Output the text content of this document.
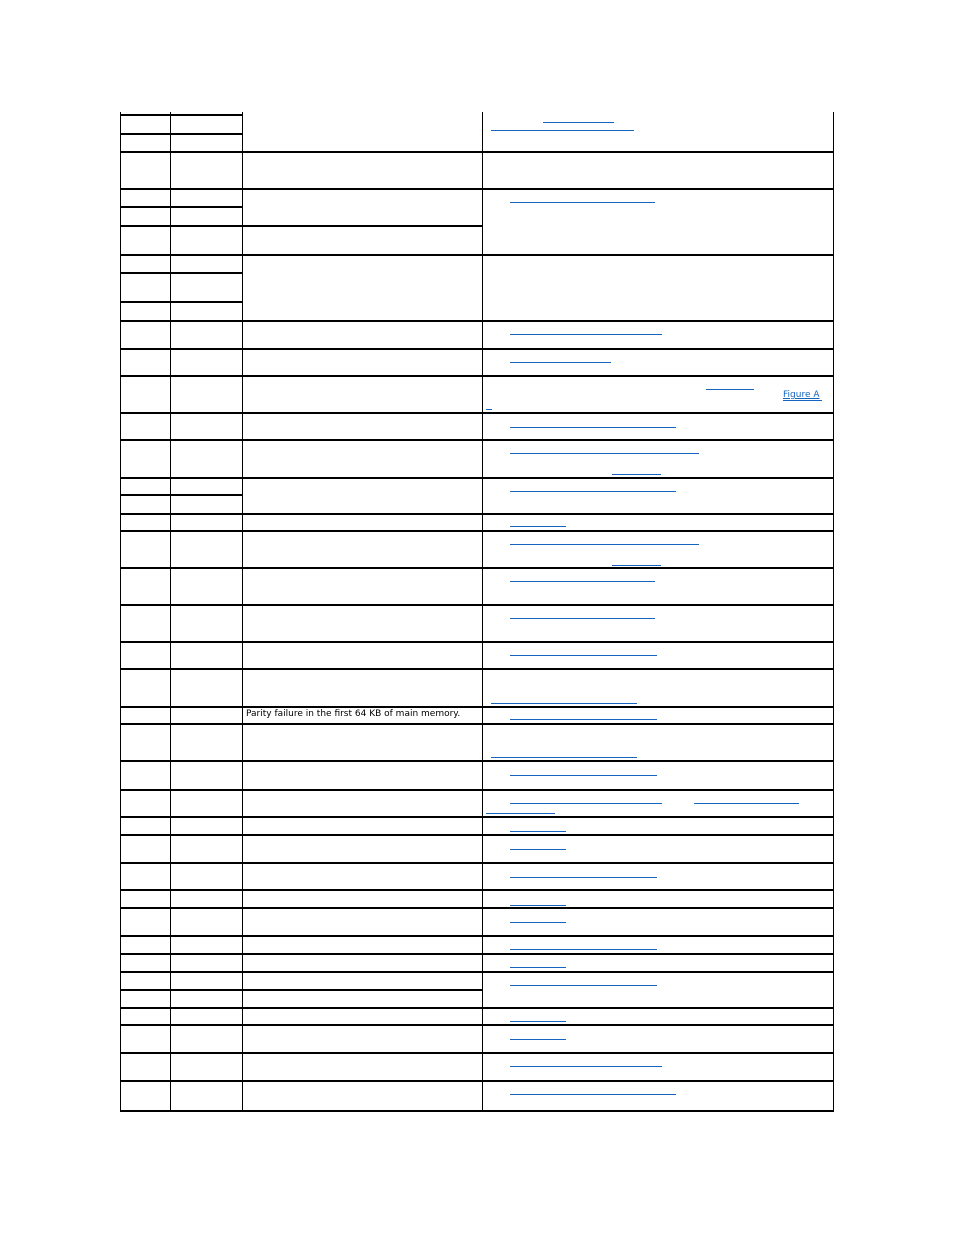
Parity failure in the first 64 KB of main memory.
Figure A
